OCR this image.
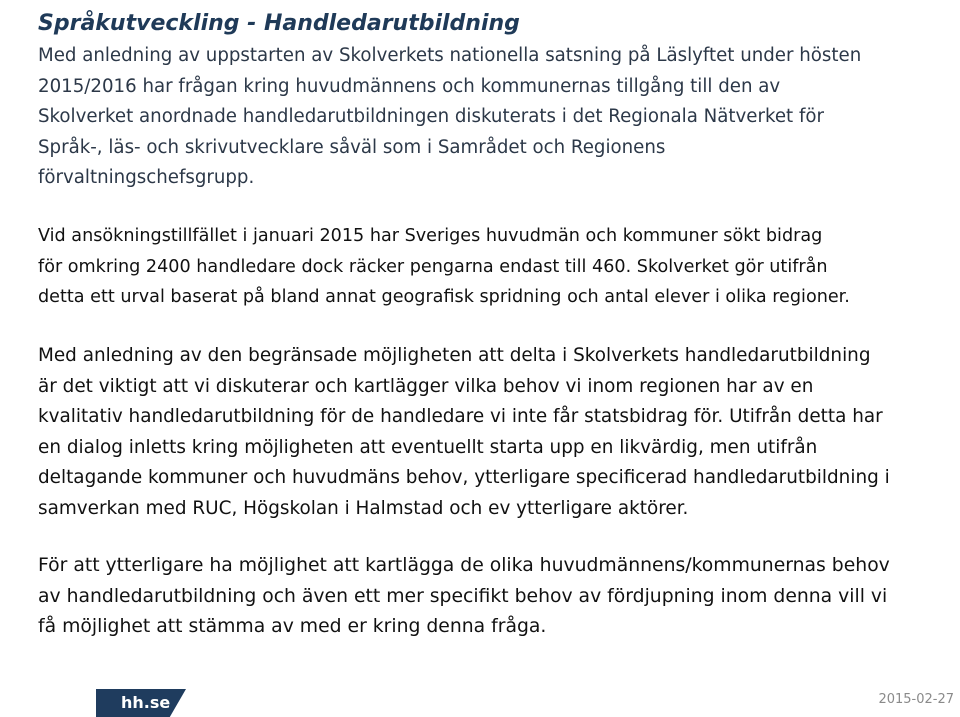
Språkutveckling - Handledarutbildning

Med anledning av uppstarten av Skolverkets nationella satsning på Läslyftet under hösten
2015/2016 har frågan kring huvudmännens och kommunernas tillgång till den av
Skolverket anordnade handledarutbildningen diskuterats i det Regionala Nätverket för
Språk-, läs- och skrivutvecklare såväl som i Samrådet och Regionens
förvaltningschefsgrupp.

Vid ansökningstillfället i januari 2015 har Sveriges huvudmän och kommuner sökt bidrag
för omkring 2400 handledare dock räcker pengarna endast till 460. Skolverket gör utifrån
detta ett urval baserat på bland annat geografisk spridning och antal elever i olika regioner.

Med anledning av den begränsade möjligheten att delta i Skolverkets handledarutbildning
är det viktigt att vi diskuterar och kartlägger vilka behov vi inom regionen har av en
kvalitativ handledarutbildning för de handledare vi inte får statsbidrag för. Utifrån detta har
en dialog inletts kring möjligheten att eventuellt starta upp en likvärdig, men utifrån
deltagande kommuner och huvudmäns behov, ytterligare specificerad handledarutbildning i
samverkan med RUC, Högskolan i Halmstad och ev ytterligare aktörer.

För att ytterligare ha möjlighet att kartlägga de olika huvudmännens/kommunernas behov
av handledarutbildning och även ett mer specifikt behov av fördjupning inom denna vill vi
få möjlighet att stämma av med er kring denna fråga.

hh.se	2015-02-27
